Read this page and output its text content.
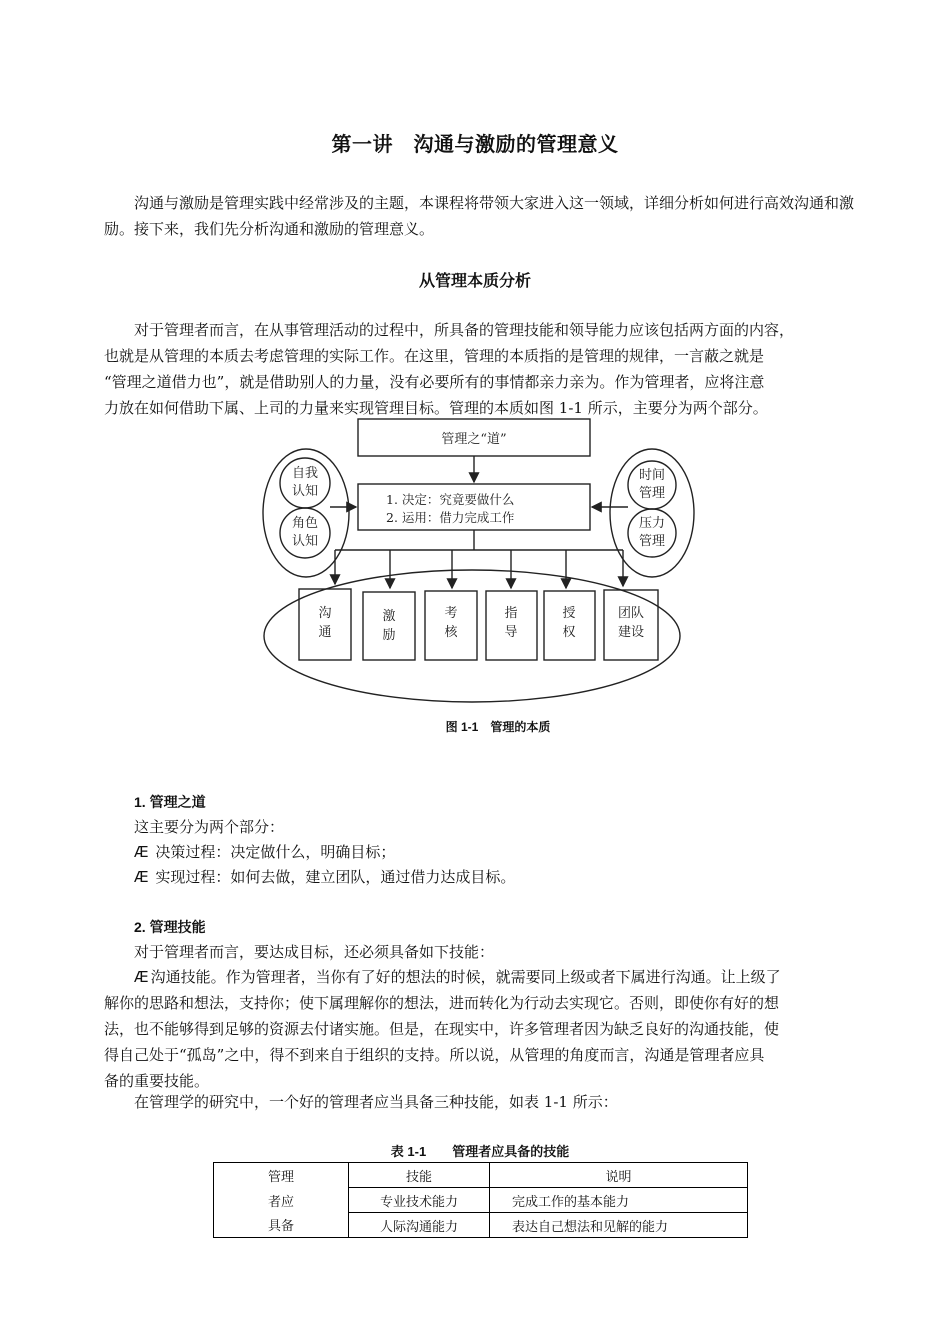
第一讲　沟通与激励的管理意义
沟通与激励是管理实践中经常涉及的主题，本课程将带领大家进入这一领域，详细分析如何进行高效沟通和激励。接下来，我们先分析沟通和激励的管理意义。
从管理本质分析
对于管理者而言，在从事管理活动的过程中，所具备的管理技能和领导能力应该包括两方面的内容，
也就是从管理的本质去考虑管理的实际工作。在这里，管理的本质指的是管理的规律，一言蔽之就是
“管理之道借力也”，就是借助别人的力量，没有必要所有的事情都亲力亲为。作为管理者，应将注意
力放在如何借助下属、上司的力量来实现管理目标。管理的本质如图 1-1 所示，主要分为两个部分。
管理之“道”
1. 决定：究竟要做什么
2. 运用：借力完成工作
自我
认知
角色
认知
时间
管理
压力
管理
沟
通
激
励
考
核
指
导
授
权
团队
建设
图 1-1　管理的本质
1. 管理之道
这主要分为两个部分：
Æ 决策过程：决定做什么，明确目标；
Æ 实现过程：如何去做，建立团队，通过借力达成目标。
2. 管理技能
对于管理者而言，要达成目标，还必须具备如下技能：
Æ 沟通技能。作为管理者，当你有了好的想法的时候，就需要同上级或者下属进行沟通。让上级了
解你的思路和想法，支持你；使下属理解你的想法，进而转化为行动去实现它。否则，即使你有好的想
法，也不能够得到足够的资源去付诸实施。但是，在现实中，许多管理者因为缺乏良好的沟通技能，使
得自己处于“孤岛”之中，得不到来自于组织的支持。所以说，从管理的角度而言，沟通是管理者应具
备的重要技能。
在管理学的研究中，一个好的管理者应当具备三种技能，如表 1-1 所示：
表 1-1　　管理者应具备的技能
管理	技能	说明
者应	专业技术能力	完成工作的基本能力
具备	人际沟通能力	表达自己想法和见解的能力
